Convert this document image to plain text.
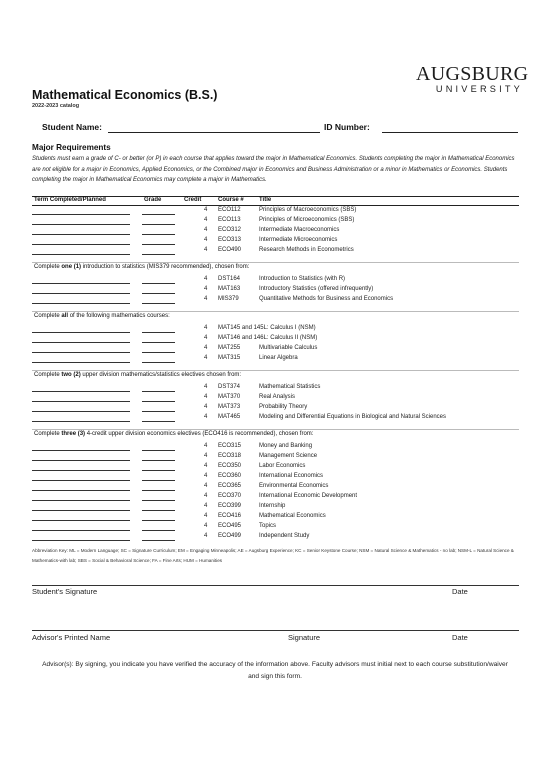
AUGSBURG
UNIVERSITY
Mathematical Economics (B.S.)
2022-2023 catalog
Student Name:	ID Number:
Major Requirements
Students must earn a grade of C- or better (or P) in each course that applies toward the major in Mathematical Economics. Students completing the major in Mathematical Economics are not eligible for a major in Economics, Applied Economics, or the Combined major in Economics and Business Administration or a minor in Mathematics or Economics. Students completing the major in Mathematical Economics may complete a major in Mathematics.
Term Completed/Planned	Grade	Credit	Course #	Title
4 ECO112	Principles of Macroeconomics (SBS)
4 ECO113	Principles of Microeconomics (SBS)
4 ECO312	Intermediate Macroeconomics
4 ECO313	Intermediate Microeconomics
4 ECO490	Research Methods in Econometrics
Complete one (1) introduction to statistics (MIS379 recommended), chosen from:
4 DST164	Introduction to Statistics (with R)
4 MAT163	Introductory Statistics (offered infrequently)
4 MIS379	Quantitative Methods for Business and Economics
Complete all of the following mathematics courses:
4 MAT145 and 145L: Calculus I (NSM)
4 MAT146 and 146L: Calculus II (NSM)
4 MAT255	Multivariable Calculus
4 MAT315	Linear Algebra
Complete two (2) upper division mathematics/statistics electives chosen from:
4 DST374	Mathematical Statistics
4 MAT370	Real Analysis
4 MAT373	Probability Theory
4 MAT465	Modeling and Differential Equations in Biological and Natural Sciences
Complete three (3) 4-credit upper division economics electives (ECO416 is recommended), chosen from:
4 ECO315	Money and Banking
4 ECO318	Management Science
4 ECO350	Labor Economics
4 ECO360	International Economics
4 ECO365	Environmental Economics
4 ECO370	International Economic Development
4 ECO399	Internship
4 ECO416	Mathematical Economics
4 ECO495	Topics
4 ECO499	Independent Study
Abbreviation Key: ML = Modern Language; SC = Signature Curriculum; EM = Engaging Minneapolis; AE = Augsburg Experience; KC = Senior Keystone Course; NSM = Natural Science & Mathematics - no lab; NSM-L = Natural Science & Mathematics-with lab; SBS = Social & Behavioral Science; FA = Fine Arts; HUM = Humanities
Student's Signature	Date
Advisor's Printed Name	Signature	Date
Advisor(s): By signing, you indicate you have verified the accuracy of the information above. Faculty advisors must initial next to each course substitution/waiver and sign this form.
